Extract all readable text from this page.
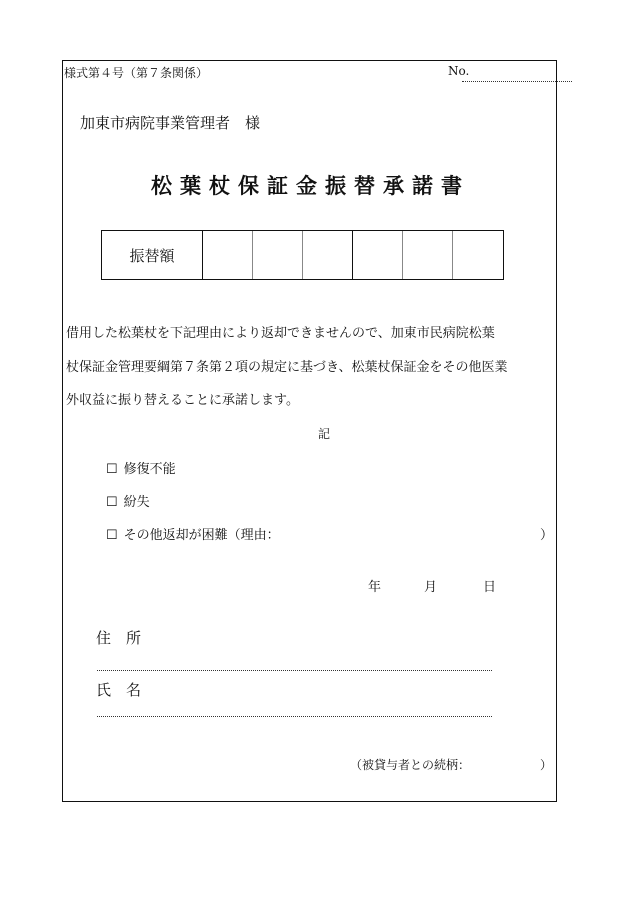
様式第４号（第７条関係）	No.
加東市病院事業管理者　様
松葉杖保証金振替承諾書
振替額
借用した松葉杖を下記理由により返却できませんので、加東市民病院松葉
杖保証金管理要綱第７条第２項の規定に基づき、松葉杖保証金をその他医業
外収益に振り替えることに承諾します。
記
☐ 修復不能
☐ 紛失
☐ その他返却が困難（理由：	）
年	月	日
住　所
氏　名
（被貸与者との続柄：	）
